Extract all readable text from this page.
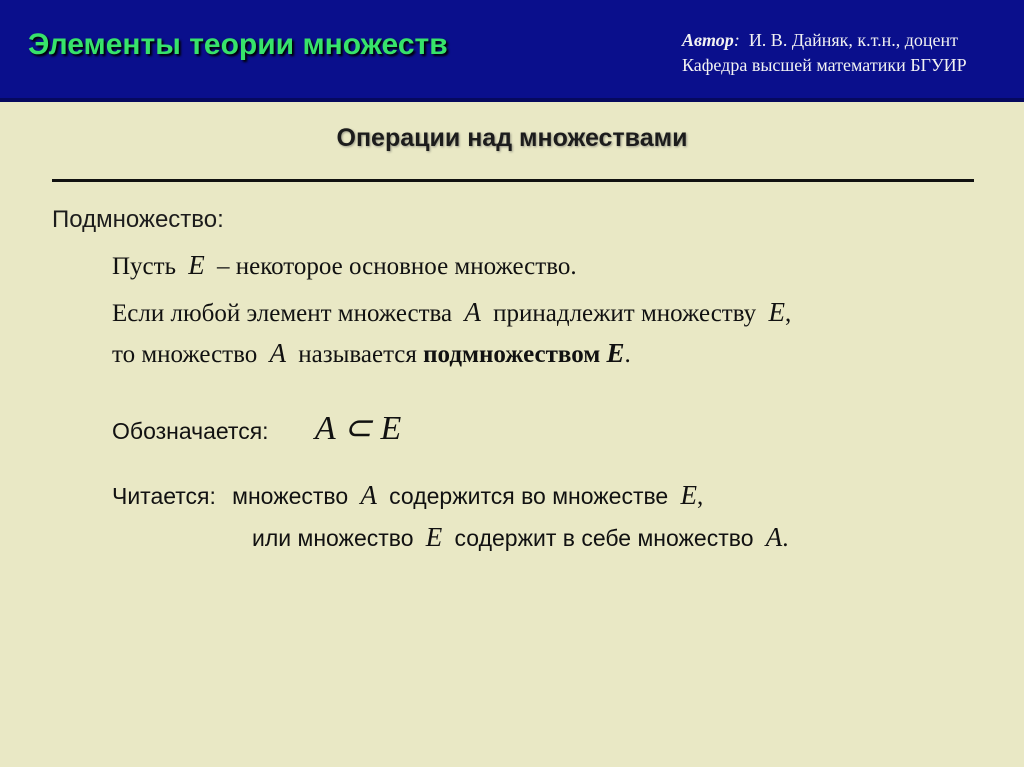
Элементы теории множеств	Автор: И. В. Дайняк, к.т.н., доцент
Кафедра высшей математики БГУИР
Операции над множествами
Подмножество:
Пусть E – некоторое основное множество.
Если любой элемент множества A принадлежит множеству E,
то множество A называется подмножеством E.
Обозначается: A ⊂ E
Читается: множество A содержится во множестве E,
или множество E содержит в себе множество A.
